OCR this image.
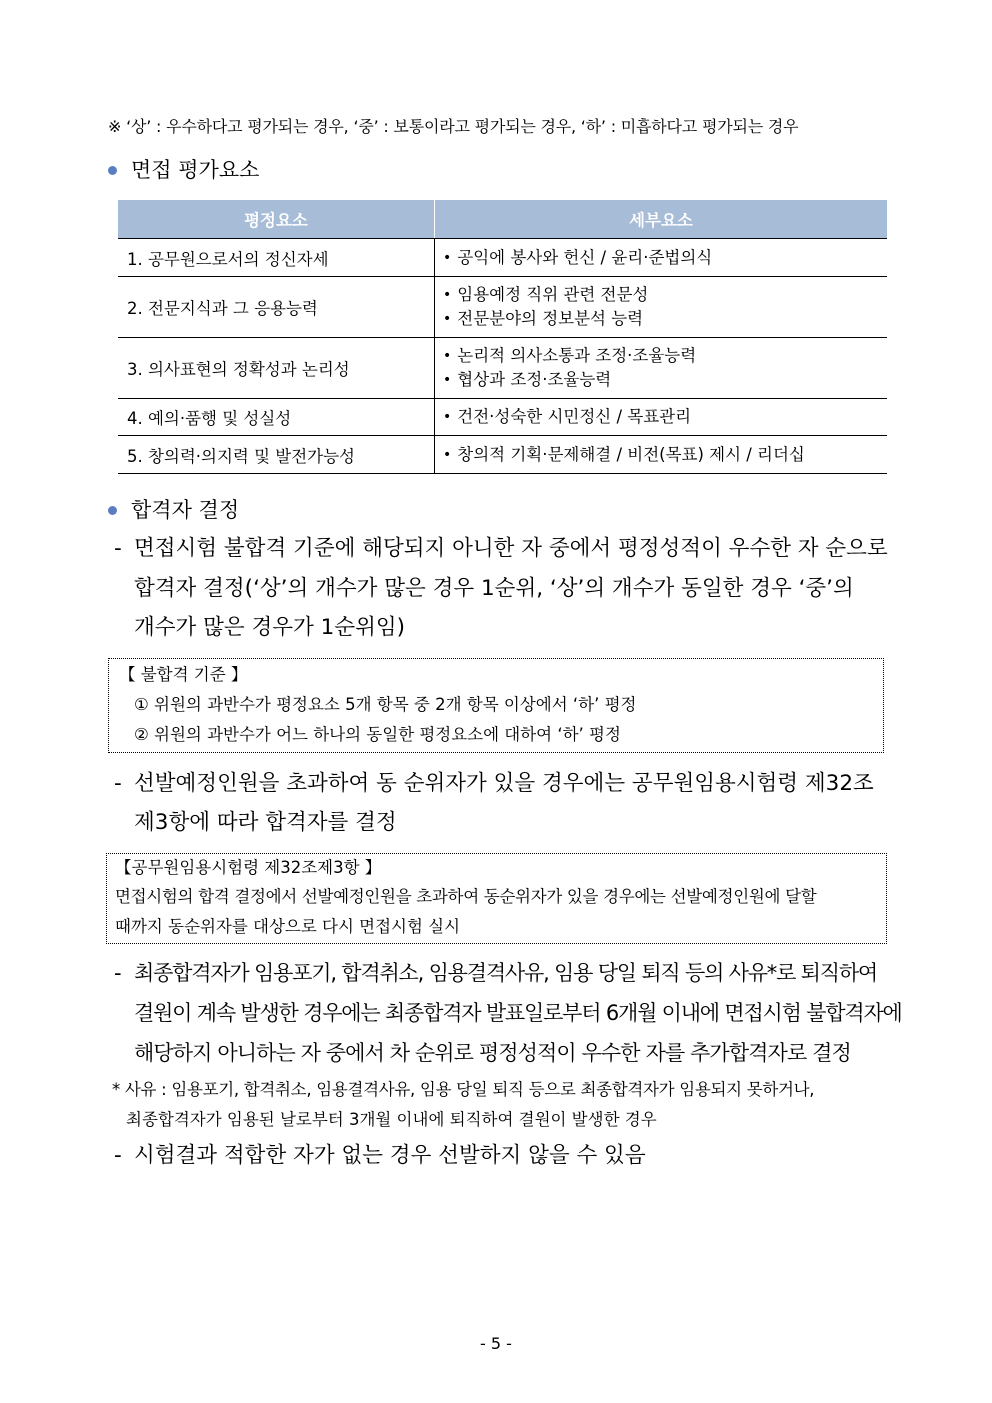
※ ‘상’ : 우수하다고 평가되는 경우, ‘중’ : 보통이라고 평가되는 경우, ‘하’ : 미흡하다고 평가되는 경우
면접 평가요소
평정요소	세부요소
1. 공무원으로서의 정신자세	• 공익에 봉사와 헌신 / 윤리·준법의식

2. 전문지식과 그 응용능력	• 임용예정 직위 관련 전문성
• 전문분야의 정보분석 능력

3. 의사표현의 정확성과 논리성	• 논리적 의사소통과 조정·조율능력
• 협상과 조정·조율능력

4. 예의·품행 및 성실성	• 건전·성숙한 시민정신 / 목표관리

5. 창의력·의지력 및 발전가능성	• 창의적 기획·문제해결 / 비전(목표) 제시 / 리더십
합격자 결정
- 면접시험 불합격 기준에 해당되지 아니한 자 중에서 평정성적이 우수한 자 순으로
합격자 결정(‘상’의 개수가 많은 경우 1순위, ‘상’의 개수가 동일한 경우 ‘중’의
개수가 많은 경우가 1순위임)
【 불합격 기준 】
① 위원의 과반수가 평정요소 5개 항목 중 2개 항목 이상에서 ‘하’ 평정
② 위원의 과반수가 어느 하나의 동일한 평정요소에 대하여 ‘하’ 평정
- 선발예정인원을 초과하여 동 순위자가 있을 경우에는 공무원임용시험령 제32조
제3항에 따라 합격자를 결정
【공무원임용시험령 제32조제3항 】
면접시험의 합격 결정에서 선발예정인원을 초과하여 동순위자가 있을 경우에는 선발예정인원에 달할
때까지 동순위자를 대상으로 다시 면접시험 실시
- 최종합격자가 임용포기, 합격취소, 임용결격사유, 임용 당일 퇴직 등의 사유*로 퇴직하여
결원이 계속 발생한 경우에는 최종합격자 발표일로부터 6개월 이내에 면접시험 불합격자에
해당하지 아니하는 자 중에서 차 순위로 평정성적이 우수한 자를 추가합격자로 결정
* 사유 : 임용포기, 합격취소, 임용결격사유, 임용 당일 퇴직 등으로 최종합격자가 임용되지 못하거나,
최종합격자가 임용된 날로부터 3개월 이내에 퇴직하여 결원이 발생한 경우
- 시험결과 적합한 자가 없는 경우 선발하지 않을 수 있음
- 5 -
